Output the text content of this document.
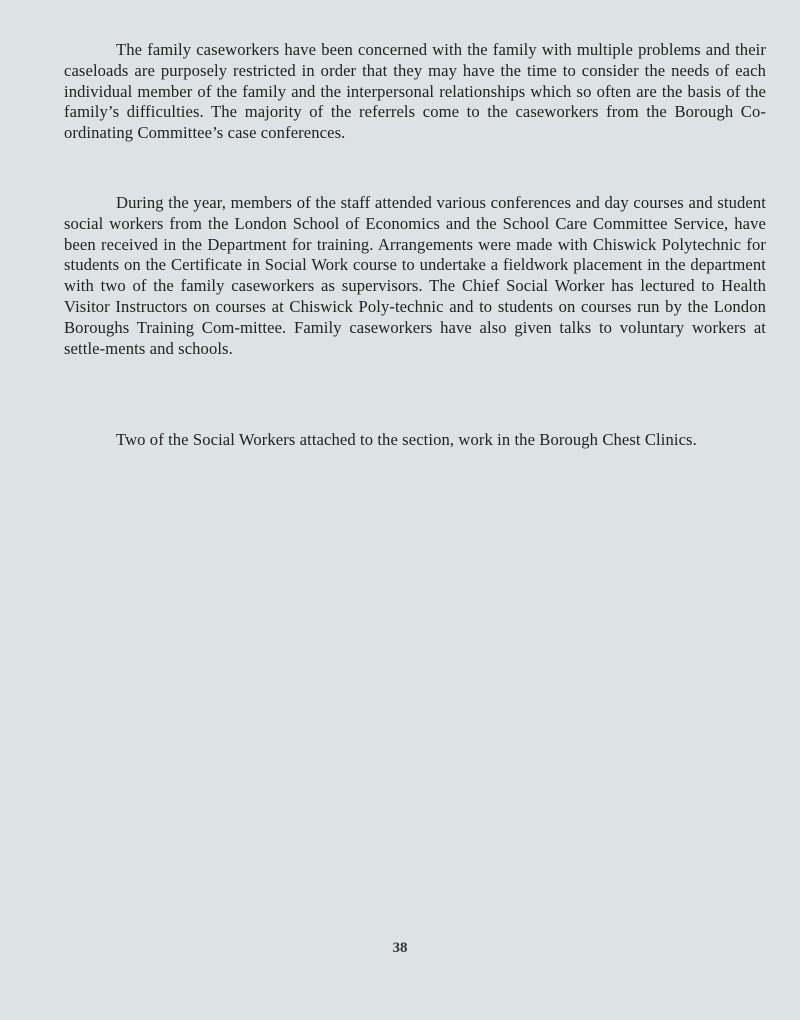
The family caseworkers have been concerned with the family with multiple problems and their caseloads are purposely restricted in order that they may have the time to consider the needs of each individual member of the family and the interpersonal relationships which so often are the basis of the family’s difficulties. The majority of the referrels come to the caseworkers from the Borough Co-ordinating Committee’s case conferences.

During the year, members of the staff attended various conferences and day courses and student social workers from the London School of Economics and the School Care Committee Service, have been received in the Department for training. Arrangements were made with Chiswick Polytechnic for students on the Certificate in Social Work course to undertake a fieldwork placement in the department with two of the family caseworkers as supervisors. The Chief Social Worker has lectured to Health Visitor Instructors on courses at Chiswick Poly-technic and to students on courses run by the London Boroughs Training Com-mittee. Family caseworkers have also given talks to voluntary workers at settle-ments and schools.

Two of the Social Workers attached to the section, work in the Borough Chest Clinics.

38
